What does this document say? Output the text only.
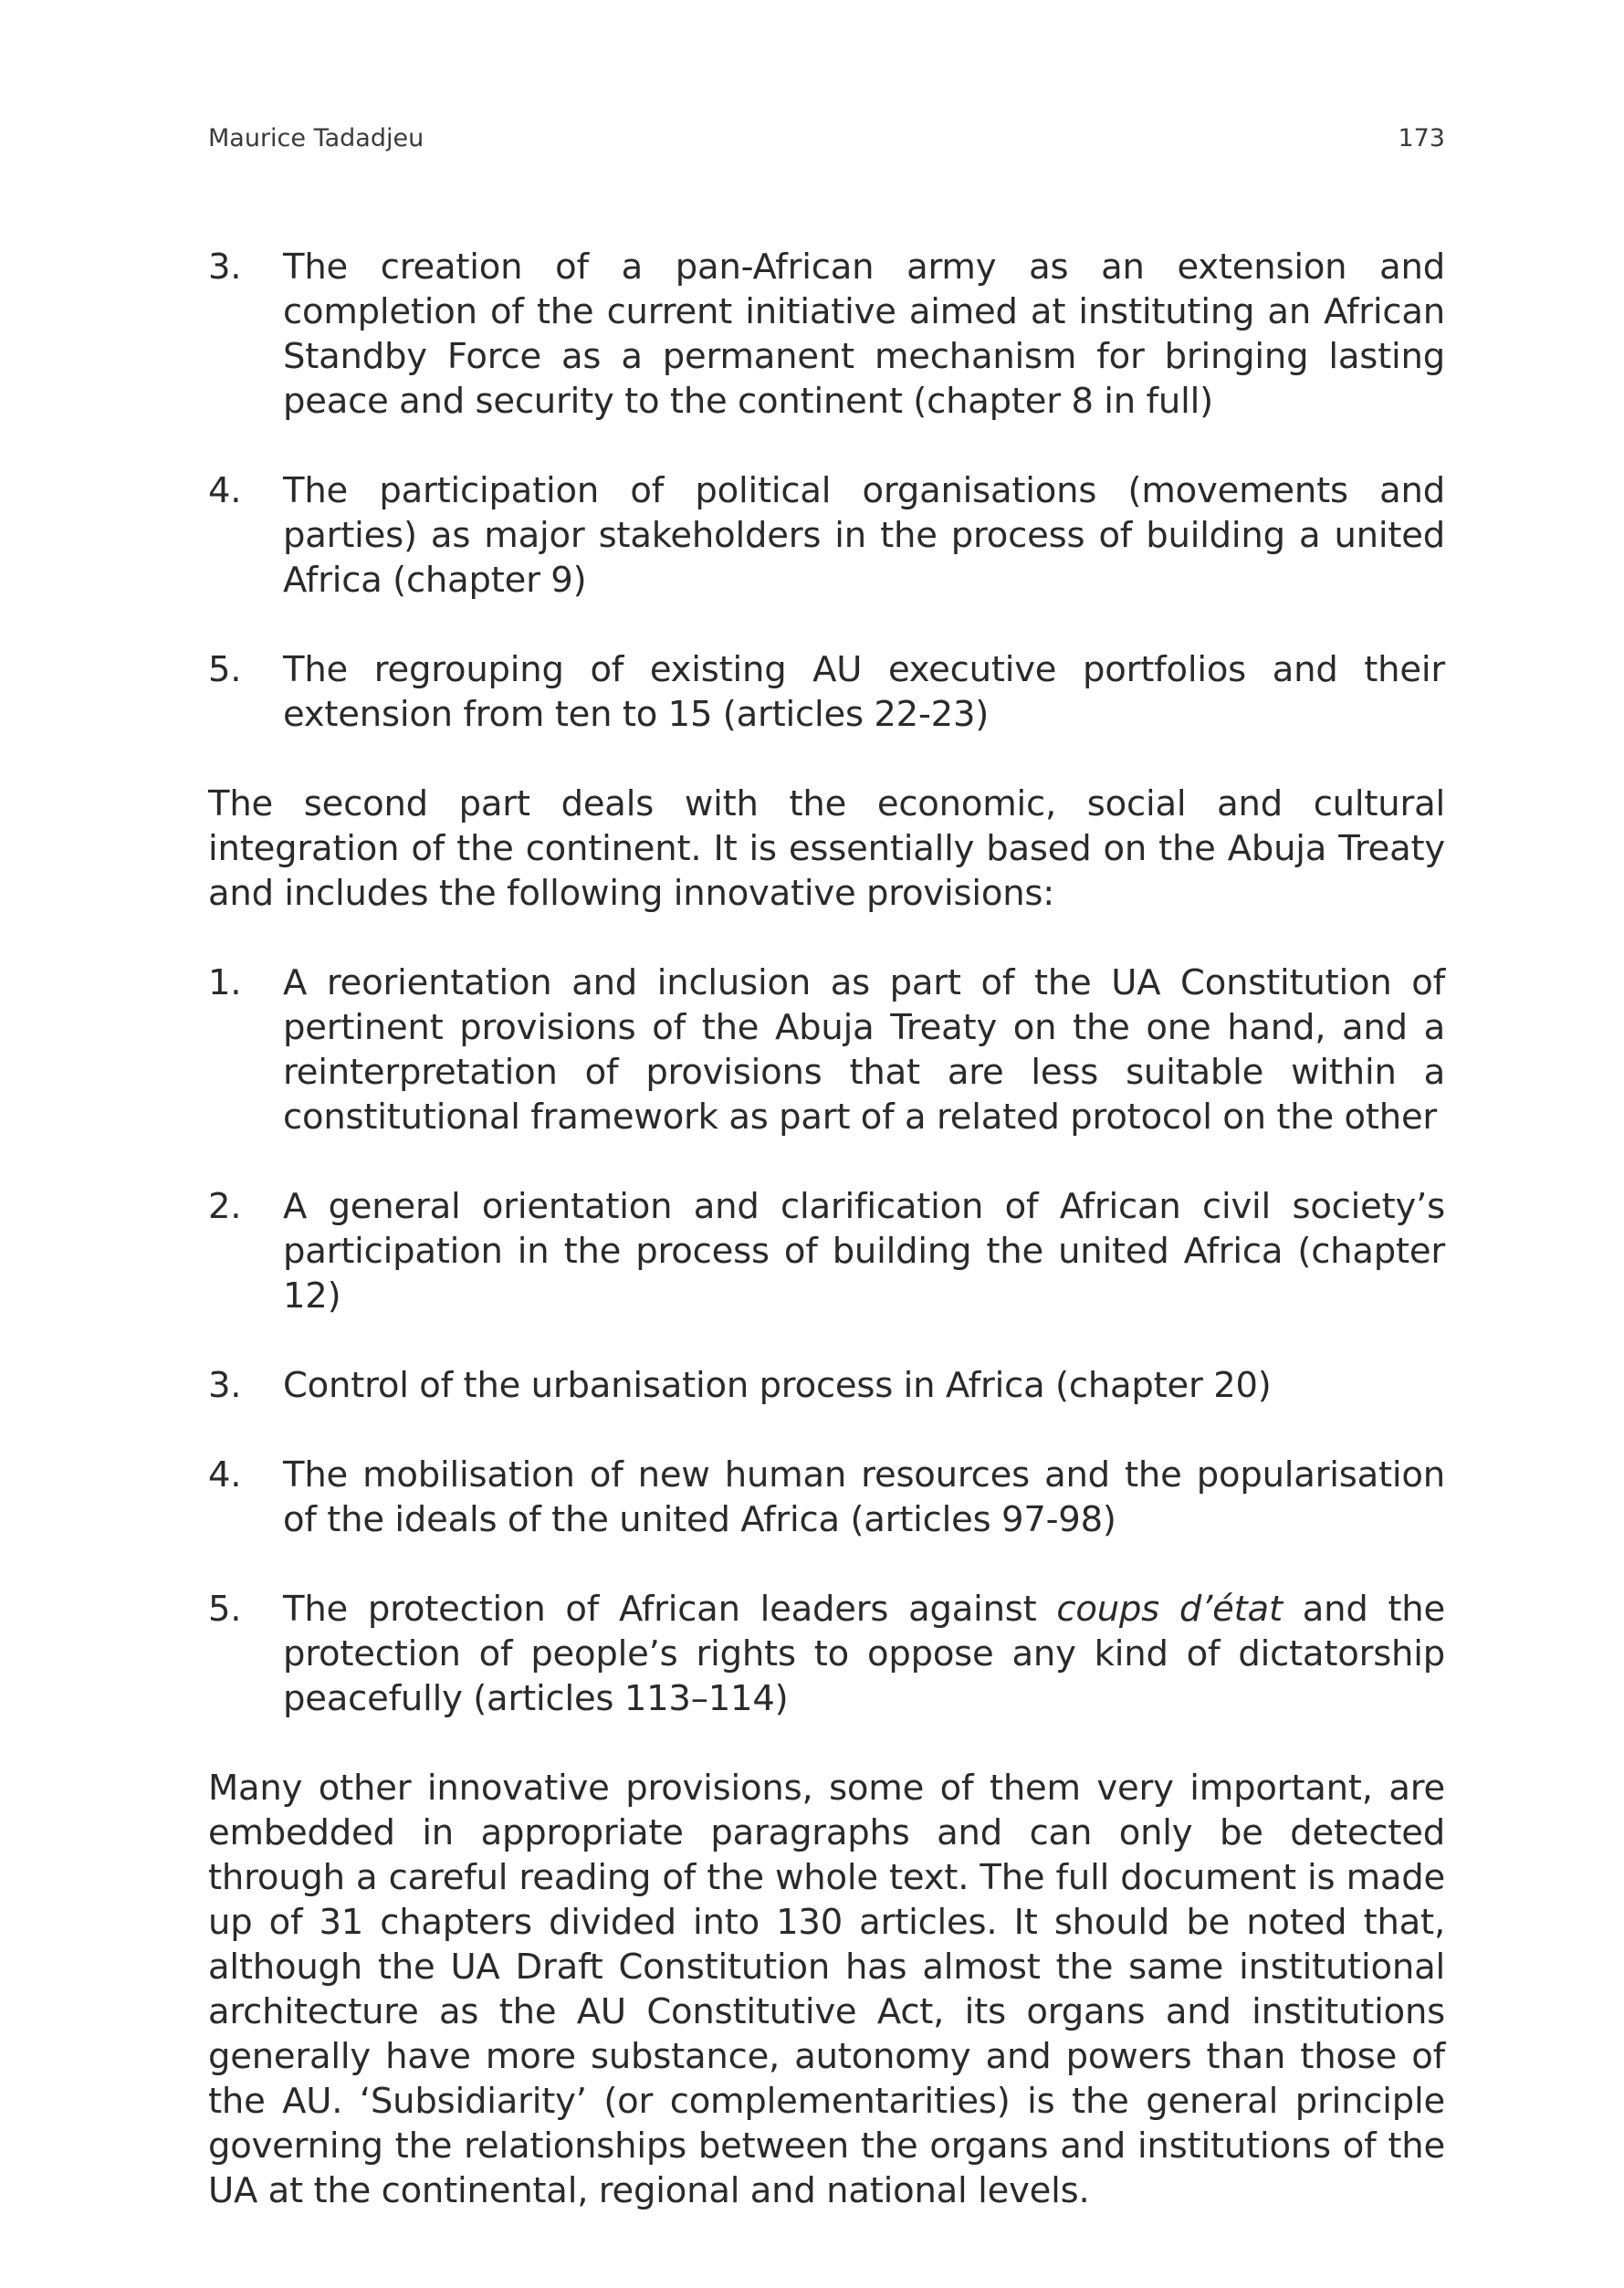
Maurice Tadadjeu	173
3. The creation of a pan-African army as an extension and completion of the current initiative aimed at instituting an African Standby Force as a permanent mechanism for bringing lasting peace and security to the continent (chapter 8 in full)
4. The participation of political organisations (movements and parties) as major stakeholders in the process of building a united Africa (chapter 9)
5. The regrouping of existing AU executive portfolios and their extension from ten to 15 (articles 22-23)

The second part deals with the economic, social and cultural integration of the continent. It is essentially based on the Abuja Treaty and includes the following innovative provisions:

1. A reorientation and inclusion as part of the UA Constitution of pertinent provisions of the Abuja Treaty on the one hand, and a reinterpretation of provisions that are less suitable within a constitutional framework as part of a related protocol on the other
2. A general orientation and clarification of African civil society’s participation in the process of building the united Africa (chapter 12)
3. Control of the urbanisation process in Africa (chapter 20)
4. The mobilisation of new human resources and the popularisation of the ideals of the united Africa (articles 97-98)
5. The protection of African leaders against coups d’état and the protection of people’s rights to oppose any kind of dictatorship peacefully (articles 113–114)

Many other innovative provisions, some of them very important, are embedded in appropriate paragraphs and can only be detected through a careful reading of the whole text. The full document is made up of 31 chapters divided into 130 articles. It should be noted that, although the UA Draft Constitution has almost the same institutional architecture as the AU Constitutive Act, its organs and institutions generally have more substance, autonomy and powers than those of the AU. ‘Subsidiarity’ (or complementarities) is the general principle governing the relationships between the organs and institutions of the UA at the continental, regional and national levels.
